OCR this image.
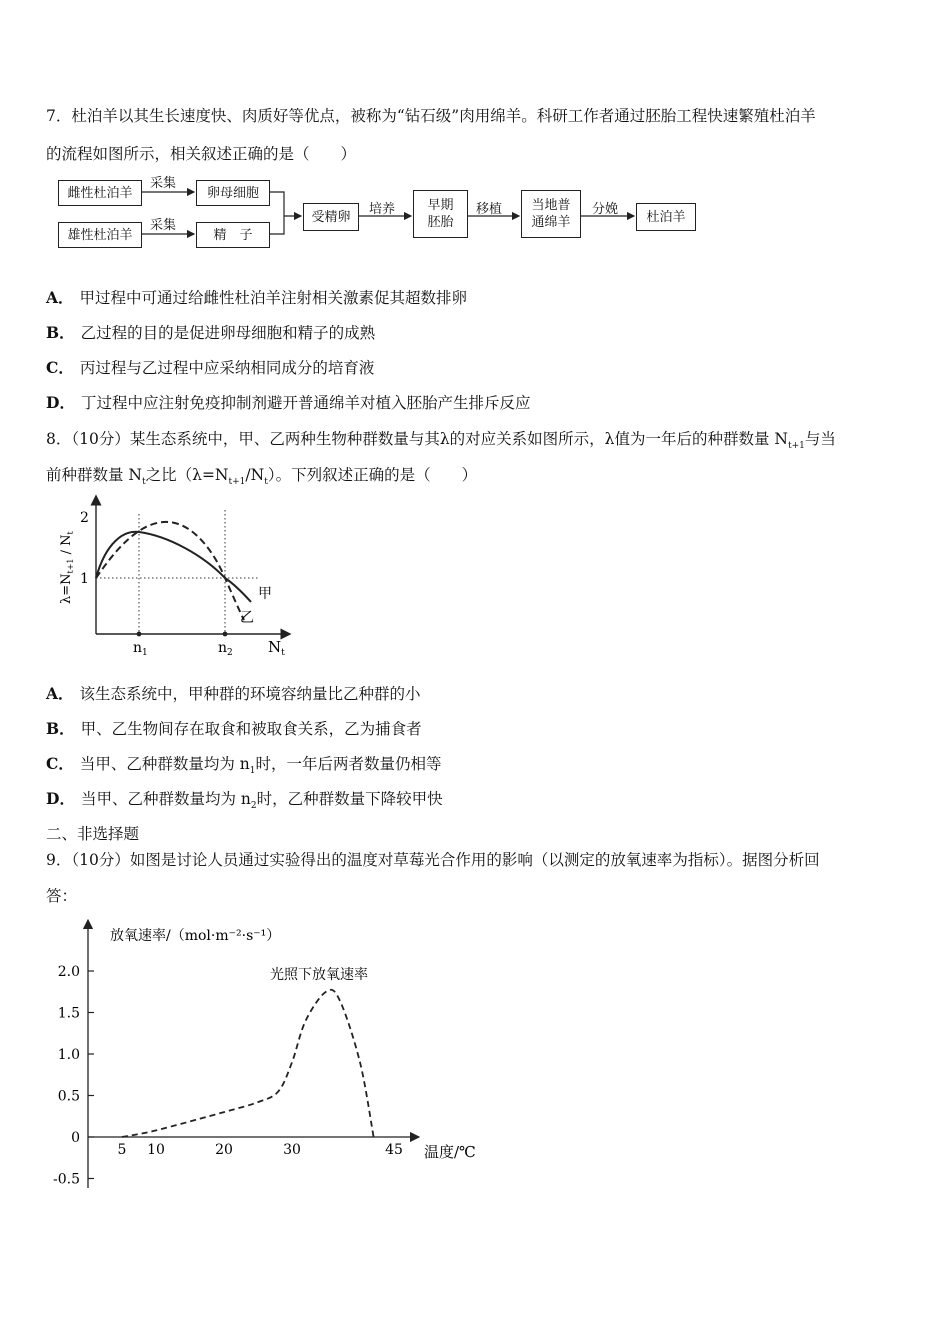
7．杜泊羊以其生长速度快、肉质好等优点，被称为“钻石级”肉用绵羊。科研工作者通过胚胎工程快速繁殖杜泊羊
的流程如图所示，相关叙述正确的是（　　）
雌性杜泊羊
雄性杜泊羊
采集
采集
卵母细胞
精　子
受精卵	培养 早期
胚胎
移植 当地普
通绵羊
分娩	杜泊羊
A． 甲过程中可通过给雌性杜泊羊注射相关激素促其超数排卵
B． 乙过程的目的是促进卵母细胞和精子的成熟
C． 丙过程与乙过程中应采纳相同成分的培育液
D． 丁过程中应注射免疫抑制剂避开普通绵羊对植入胚胎产生排斥反应
8．（10分）某生态系统中，甲、乙两种生物种群数量与其λ的对应关系如图所示，λ值为一年后的种群数量 $N_{t+1}$与当
前种群数量 $N_t$之比$(\lambda=N_{t+1}/N_t)$。下列叙述正确的是（　　）
2
1
$n_1$	$n_2$ $N_t$
甲
乙
$\lambda=N_{t+1} / N_t$
A． 该生态系统中，甲种群的环境容纳量比乙种群的小
B． 甲、乙生物间存在取食和被取食关系，乙为捕食者
C． 当甲、乙种群数量均为 $n_1$时，一年后两者数量仍相等
D． 当甲、乙种群数量均为 $n_2$时，乙种群数量下降较甲快
二、非选择题
9．（10分）如图是讨论人员通过实验得出的温度对草莓光合作用的影响（以测定的放氧速率为指标）。据图分析回
答：
放氧速率/（mol·m⁻²·s⁻¹）
温度/℃
光照下放氧速率
2.0
1.5
1.0
0.5
0
-0.5
5 10	20	30	45
